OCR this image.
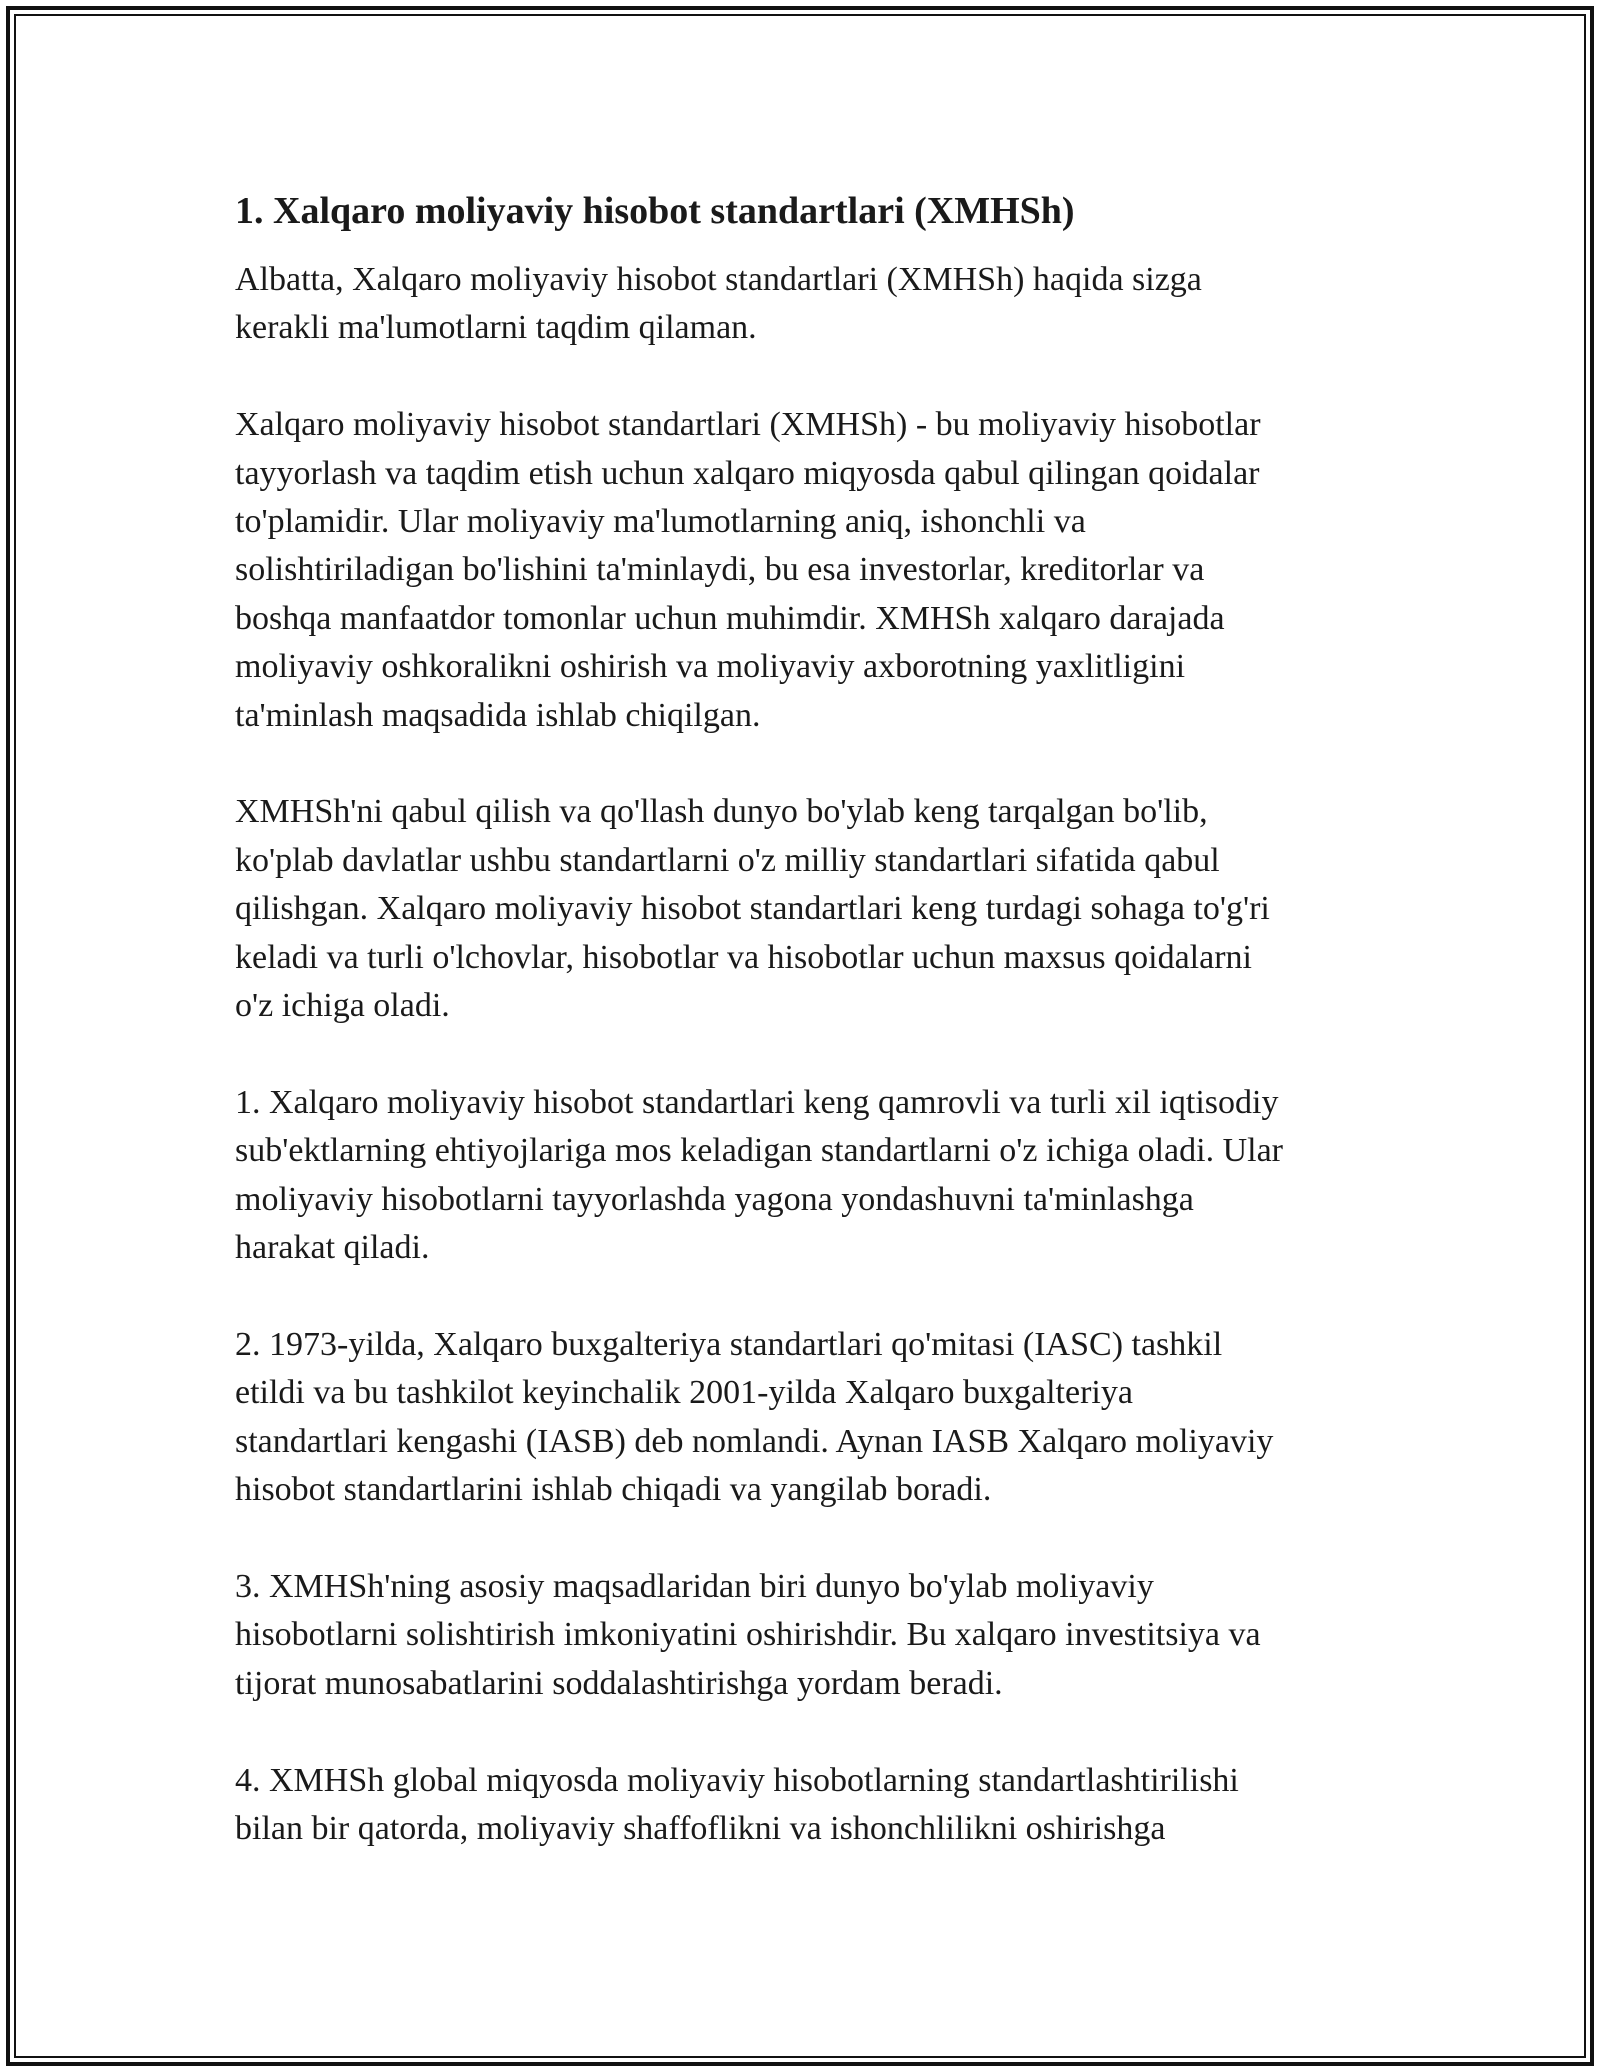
1. Xalqaro moliyaviy hisobot standartlari (XMHSh)

Albatta, Xalqaro moliyaviy hisobot standartlari (XMHSh) haqida sizga
kerakli ma'lumotlarni taqdim qilaman.

Xalqaro moliyaviy hisobot standartlari (XMHSh) - bu moliyaviy hisobotlar
tayyorlash va taqdim etish uchun xalqaro miqyosda qabul qilingan qoidalar
to'plamidir. Ular moliyaviy ma'lumotlarning aniq, ishonchli va
solishtiriladigan bo'lishini ta'minlaydi, bu esa investorlar, kreditorlar va
boshqa manfaatdor tomonlar uchun muhimdir. XMHSh xalqaro darajada
moliyaviy oshkoralikni oshirish va moliyaviy axborotning yaxlitligini
ta'minlash maqsadida ishlab chiqilgan.

XMHSh'ni qabul qilish va qo'llash dunyo bo'ylab keng tarqalgan bo'lib,
ko'plab davlatlar ushbu standartlarni o'z milliy standartlari sifatida qabul
qilishgan. Xalqaro moliyaviy hisobot standartlari keng turdagi sohaga to'g'ri
keladi va turli o'lchovlar, hisobotlar va hisobotlar uchun maxsus qoidalarni
o'z ichiga oladi.

1. Xalqaro moliyaviy hisobot standartlari keng qamrovli va turli xil iqtisodiy
sub'ektlarning ehtiyojlariga mos keladigan standartlarni o'z ichiga oladi. Ular
moliyaviy hisobotlarni tayyorlashda yagona yondashuvni ta'minlashga
harakat qiladi.

2. 1973-yilda, Xalqaro buxgalteriya standartlari qo'mitasi (IASC) tashkil
etildi va bu tashkilot keyinchalik 2001-yilda Xalqaro buxgalteriya
standartlari kengashi (IASB) deb nomlandi. Aynan IASB Xalqaro moliyaviy
hisobot standartlarini ishlab chiqadi va yangilab boradi.

3. XMHSh'ning asosiy maqsadlaridan biri dunyo bo'ylab moliyaviy
hisobotlarni solishtirish imkoniyatini oshirishdir. Bu xalqaro investitsiya va
tijorat munosabatlarini soddalashtirishga yordam beradi.

4. XMHSh global miqyosda moliyaviy hisobotlarning standartlashtirilishi
bilan bir qatorda, moliyaviy shaffoflikni va ishonchlilikni oshirishga
